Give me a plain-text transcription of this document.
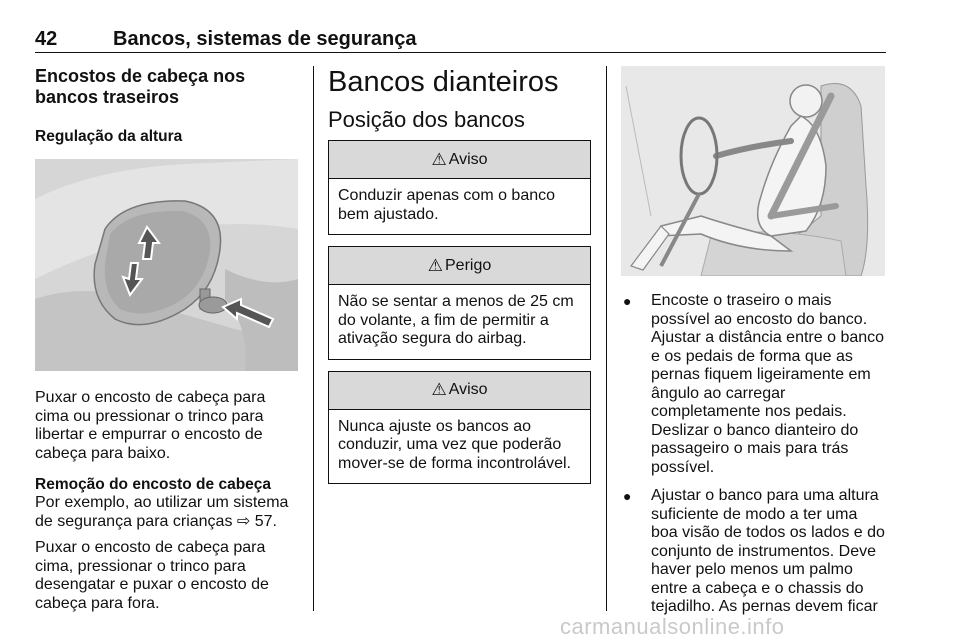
42	Bancos, sistemas de segurança
Encostos de cabeça nos bancos traseiros
Regulação da altura

Puxar o encosto de cabeça para cima ou pressionar o trinco para libertar e empurrar o encosto de cabeça para baixo.

Remoção do encosto de cabeça

Por exemplo, ao utilizar um sistema de segurança para crianças ⇨ 57.

Puxar o encosto de cabeça para cima, pressionar o trinco para desengatar e puxar o encosto de cabeça para fora.

Bancos dianteiros
Posição dos bancos
⚠ Aviso
Conduzir apenas com o banco bem ajustado.
⚠ Perigo
Não se sentar a menos de 25 cm do volante, a fim de permitir a ativação segura do airbag.
⚠ Aviso
Nunca ajuste os bancos ao conduzir, uma vez que poderão mover-se de forma incontrolável.
● Encoste o traseiro o mais possível ao encosto do banco. Ajustar a distância entre o banco e os pedais de forma que as pernas fiquem ligeiramente em ângulo ao carregar completamente nos pedais. Deslizar o banco dianteiro do passageiro o mais para trás possível.
● Ajustar o banco para uma altura suficiente de modo a ter uma boa visão de todos os lados e do conjunto de instrumentos. Deve haver pelo menos um palmo entre a cabeça e o chassis do tejadilho. As pernas devem ficar
carmanualsonline.info
